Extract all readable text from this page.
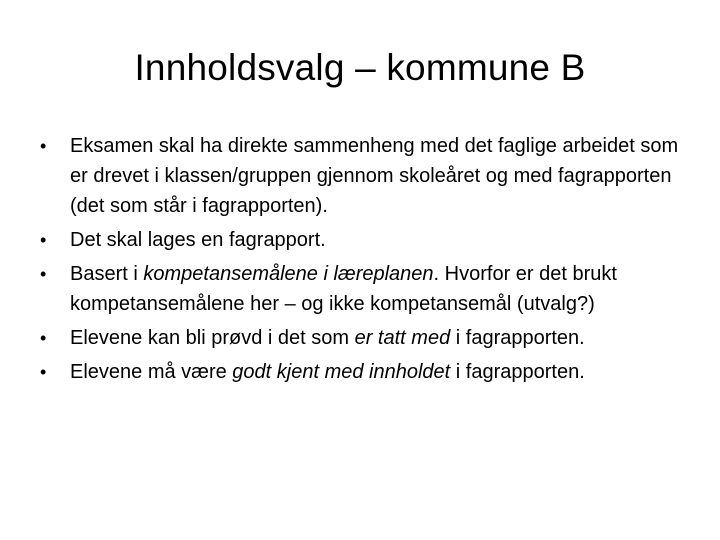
Innholdsvalg – kommune B
•	Eksamen skal ha direkte sammenheng med det faglige arbeidet som er drevet i klassen/gruppen gjennom skoleåret og med fagrapporten (det som står i fagrapporten).
•	Det skal lages en fagrapport.
•	Basert i kompetansemålene i læreplanen. Hvorfor er det brukt kompetansemålene her – og ikke kompetansemål (utvalg?)
•	Elevene kan bli prøvd i det som er tatt med i fagrapporten.
•	Elevene må være godt kjent med innholdet i fagrapporten.
